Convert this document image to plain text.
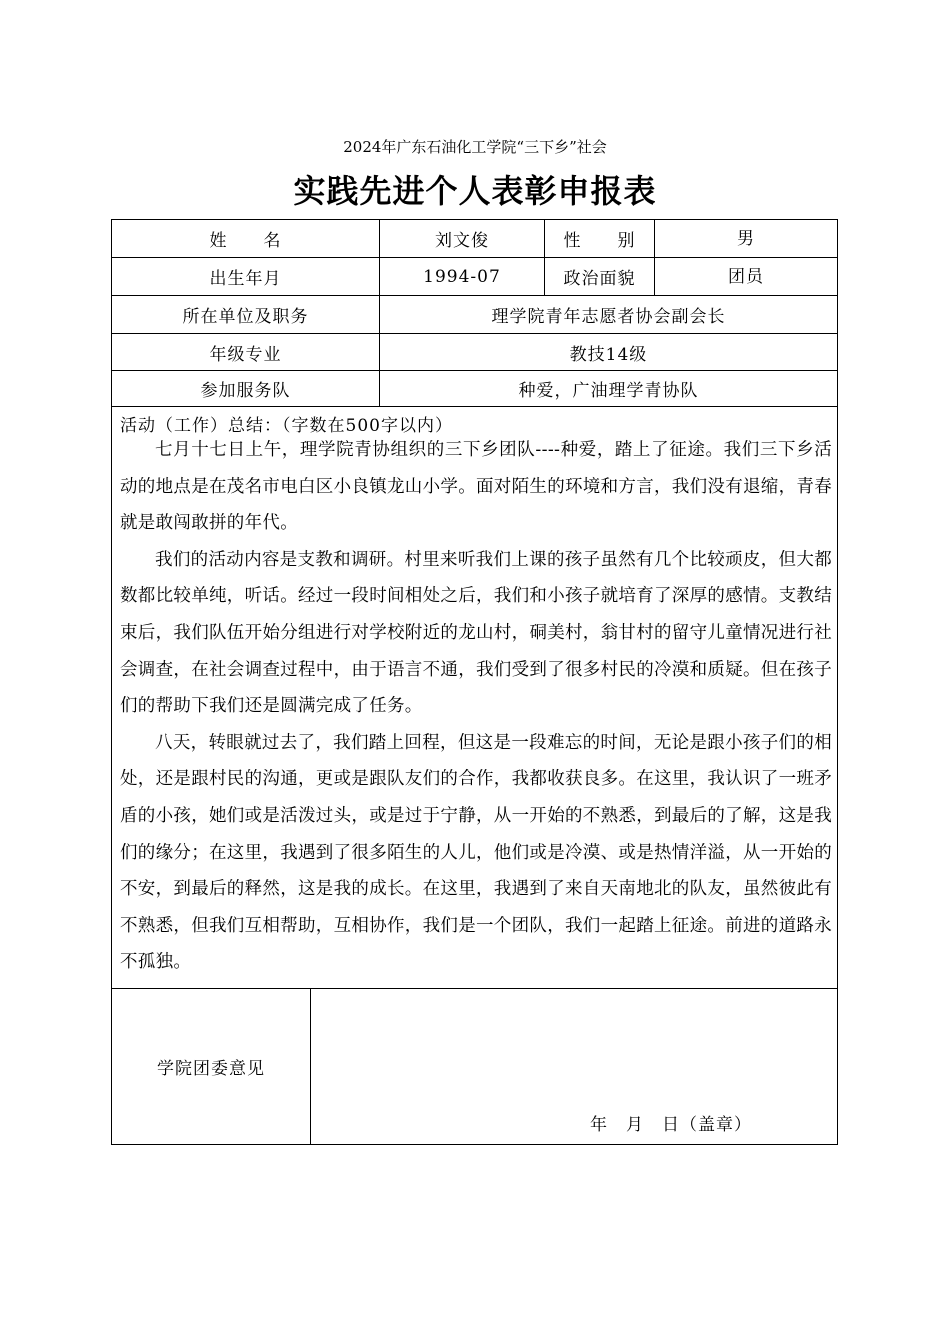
2024年广东石油化工学院“三下乡”社会
实践先进个人表彰申报表
姓　　名	刘文俊	性　　别	男
出生年月	1994-07	政治面貌	团员
所在单位及职务	理学院青年志愿者协会副会长
年级专业	教技14级
参加服务队	种爱，广油理学青协队
活动（工作）总结：（字数在500字以内）

七月十七日上午，理学院青协组织的三下乡团队----种爱，踏上了征途。我们三下乡活动的地点是在茂名市电白区小良镇龙山小学。面对陌生的环境和方言，我们没有退缩，青春就是敢闯敢拼的年代。

我们的活动内容是支教和调研。村里来听我们上课的孩子虽然有几个比较顽皮，但大都数都比较单纯，听话。经过一段时间相处之后，我们和小孩子就培育了深厚的感情。支教结束后，我们队伍开始分组进行对学校附近的龙山村，硐美村，翁甘村的留守儿童情况进行社会调查，在社会调查过程中，由于语言不通，我们受到了很多村民的冷漠和质疑。但在孩子们的帮助下我们还是圆满完成了任务。

八天，转眼就过去了，我们踏上回程，但这是一段难忘的时间，无论是跟小孩子们的相处，还是跟村民的沟通，更或是跟队友们的合作，我都收获良多。在这里，我认识了一班矛盾的小孩，她们或是活泼过头，或是过于宁静，从一开始的不熟悉，到最后的了解，这是我们的缘分；在这里，我遇到了很多陌生的人儿，他们或是冷漠、或是热情洋溢，从一开始的不安，到最后的释然，这是我的成长。在这里，我遇到了来自天南地北的队友，虽然彼此有不熟悉，但我们互相帮助，互相协作，我们是一个团队，我们一起踏上征途。前进的道路永不孤独。

学院团委意见
年　月　日（盖章）
